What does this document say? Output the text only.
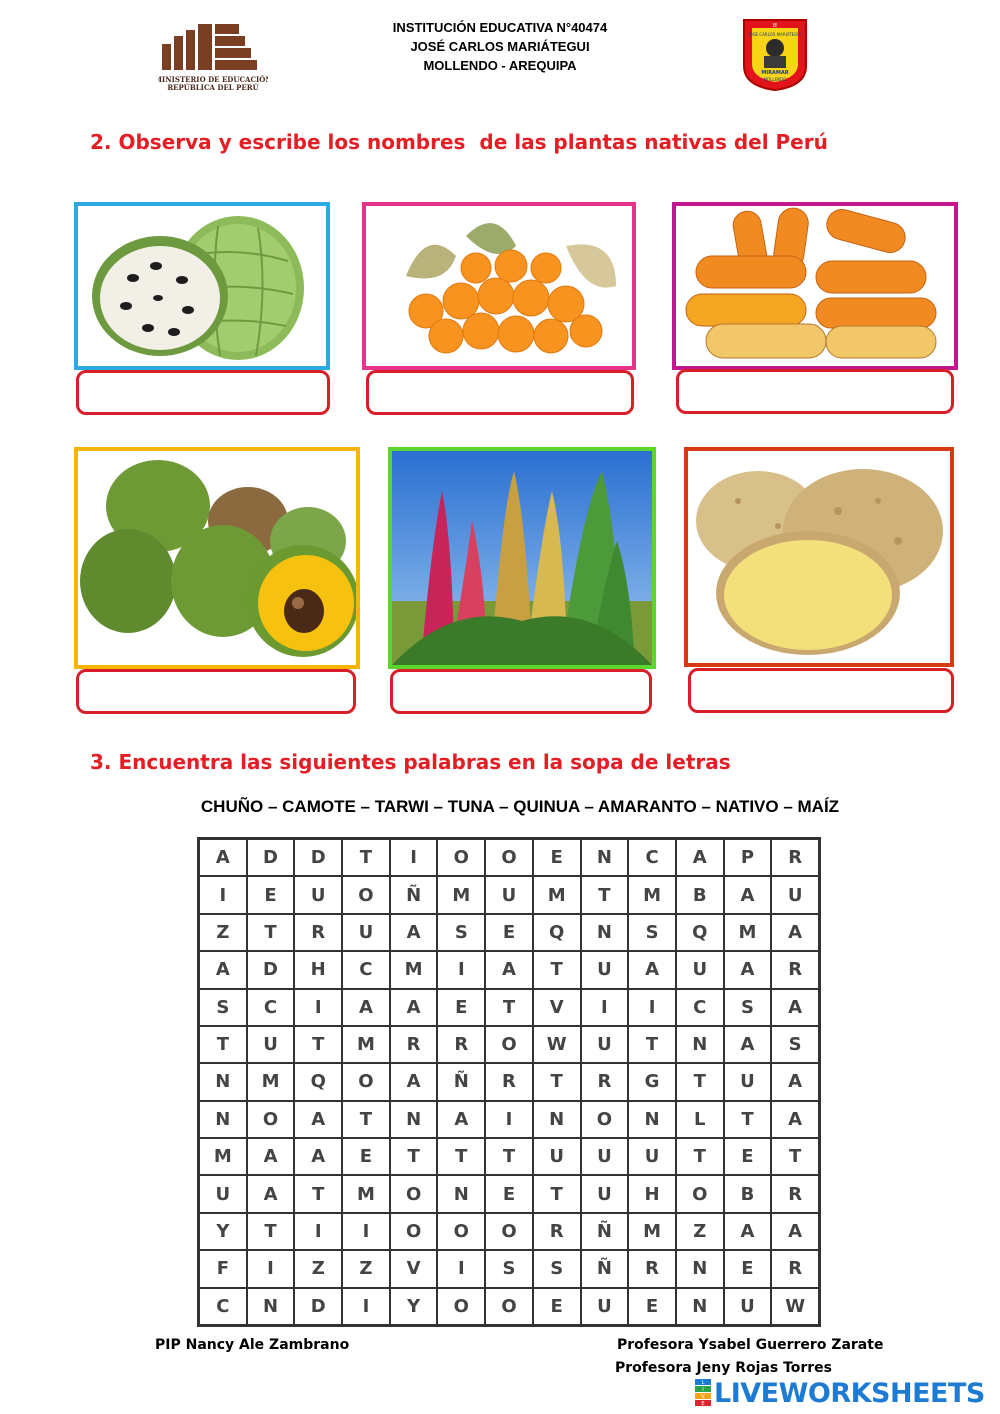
MINISTERIO DE EDUCACIÓN
REPÚBLICA DEL PERÚ
INSTITUCIÓN EDUCATIVA N°40474
JOSÉ CARLOS MARIÁTEGUI
MOLLENDO - AREQUIPA
IE
JOSÉ CARLOS MARIÁTEGUI
MIRAMAR
MOLLENDO
2. Observa y escribe los nombres  de las plantas nativas del Perú
3. Encuentra las siguientes palabras en la sopa de letras
CHUÑO – CAMOTE – TARWI – TUNA – QUINUA – AMARANTO – NATIVO – MAÍZ
A	D	D	T	I	O	O	E	N	C	A	P	R
I	E	U	O	Ñ	M	U	M	T	M	B	A	U
Z	T	R	U	A	S	E	Q	N	S	Q	M	A
A	D	H	C	M	I	A	T	U	A	U	A	R
S	C	I	A	A	E	T	V	I	I	C	S	A
T	U	T	M	R	R	O	W	U	T	N	A	S
N	M	Q	O	A	Ñ	R	T	R	G	T	U	A
N	O	A	T	N	A	I	N	O	N	L	T	A
M	A	A	E	T	T	T	U	U	U	T	E	T
U	A	T	M	O	N	E	T	U	H	O	B	R
Y	T	I	I	O	O	O	R	Ñ	M	Z	A	A
F	I	Z	Z	V	I	S	S	Ñ	R	N	E	R
C	N	D	I	Y	O	O	E	U	E	N	U	W
PIP Nancy Ale Zambrano	Profesora Ysabel Guerrero Zarate
Profesora Jeny Rojas Torres
L
I
V
E LIVEWORKSHEETS
